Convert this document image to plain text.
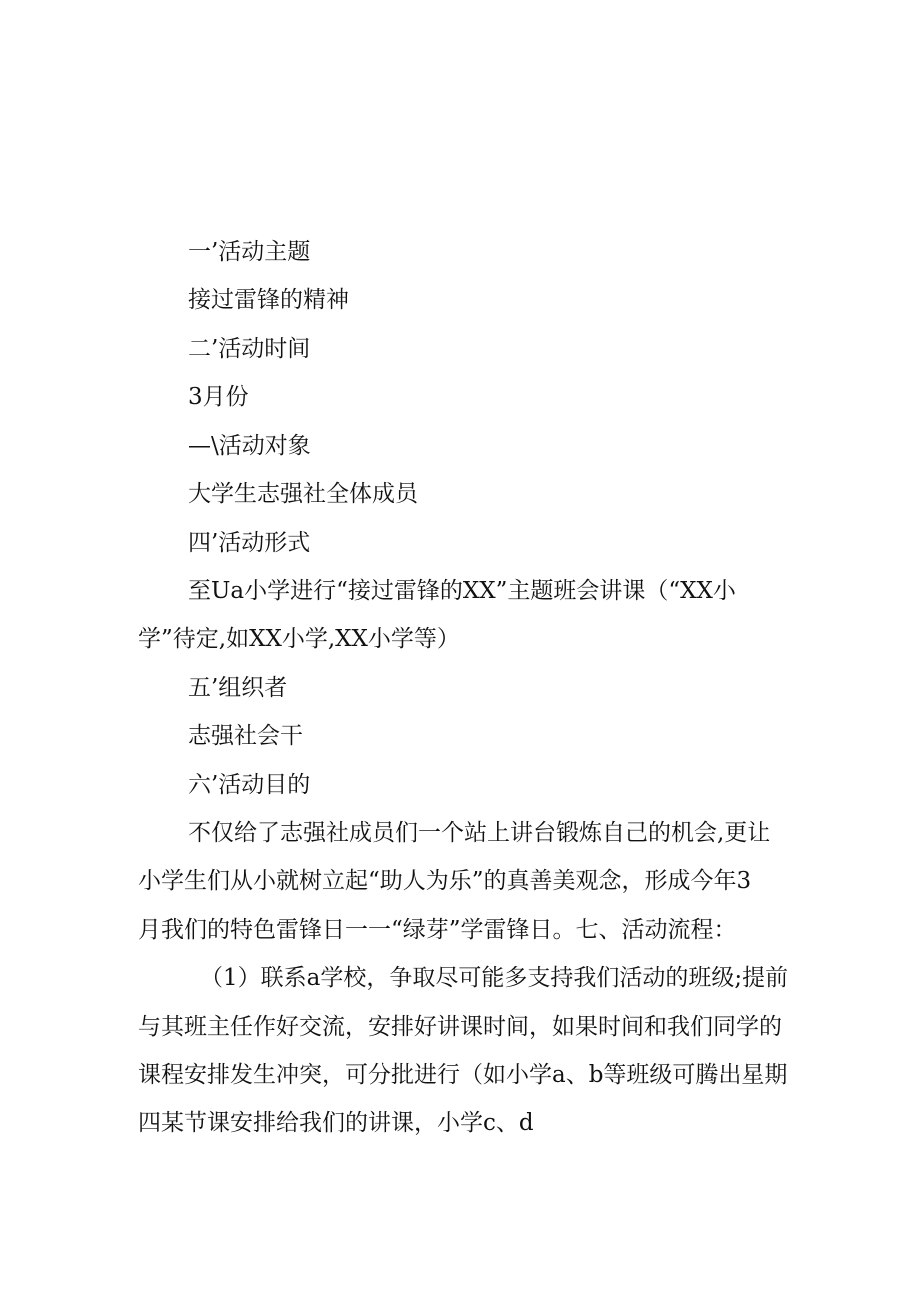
一’活动主题

接过雷锋的精神

二’活动时间

3月份

—\活动对象

大学生志强社全体成员

四’活动形式

至Ua小学进行“接过雷锋的XX”主题班会讲课（“XX小

学”待定,如XX小学,XX小学等）

五’组织者

志强社会干

六’活动目的

不仅给了志强社成员们一个站上讲台锻炼自己的机会,更让

小学生们从小就树立起“助人为乐”的真善美观念，形成今年3

月我们的特色雷锋日一一“绿芽”学雷锋日。七、活动流程：

（1）联系a学校，争取尽可能多支持我们活动的班级;提前

与其班主任作好交流，安排好讲课时间，如果时间和我们同学的

课程安排发生冲突，可分批进行（如小学a、b等班级可腾出星期

四某节课安排给我们的讲课，小学c、d
